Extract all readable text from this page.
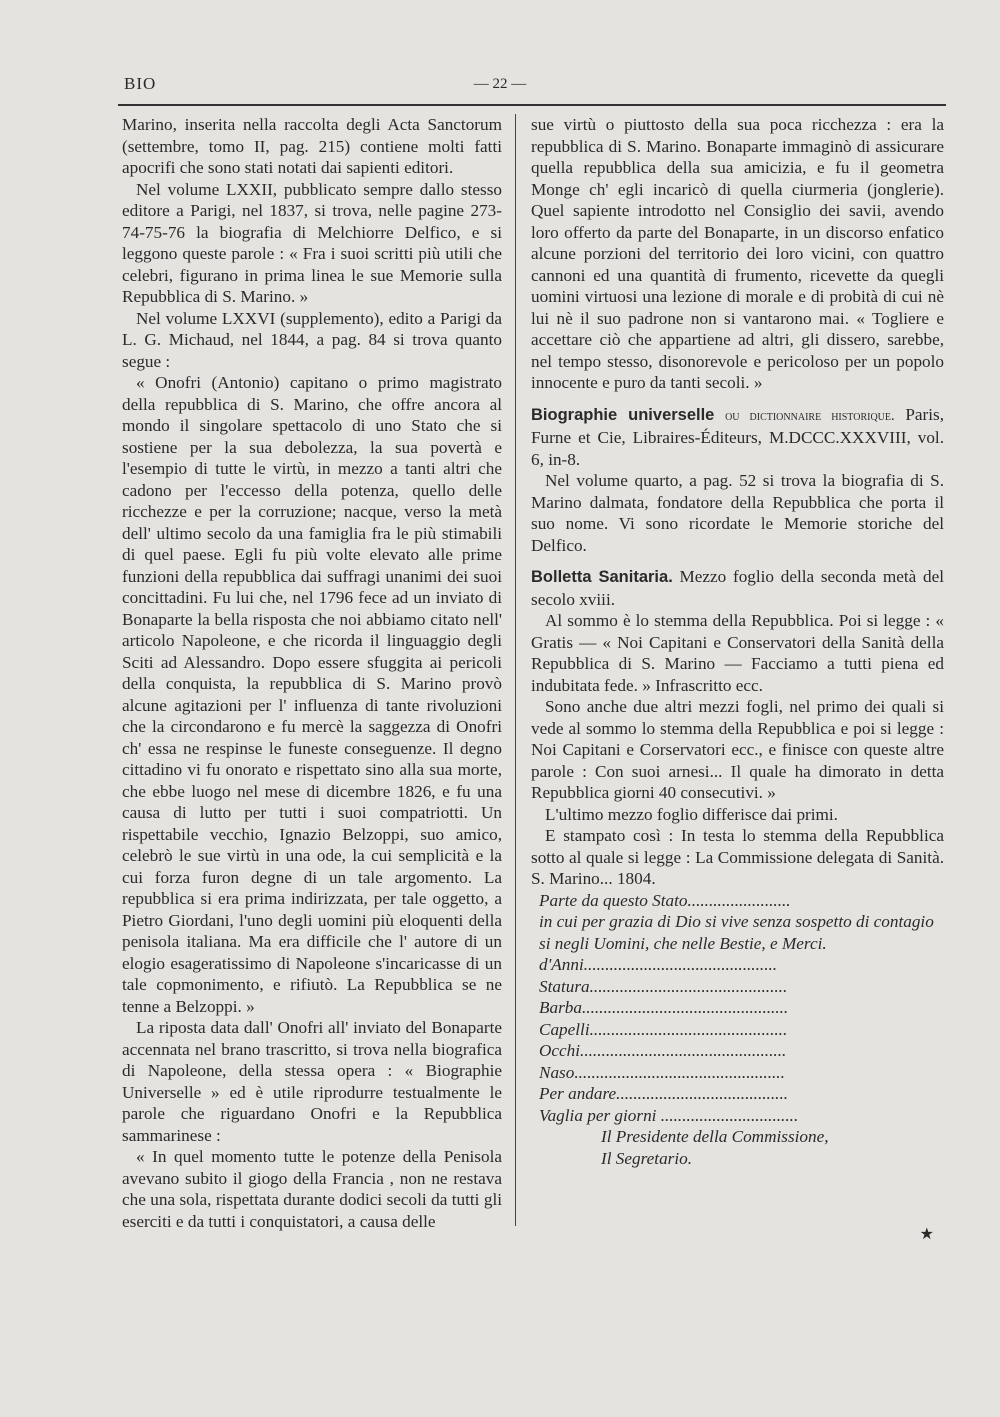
BIO	— 22 —

Marino, inserita nella raccolta degli Acta Sanctorum (settembre, tomo II, pag. 215) contiene molti fatti apocrifi che sono stati notati dai sapienti editori.

Nel volume LXXII, pubblicato sempre dallo stesso editore a Parigi, nel 1837, si trova, nelle pagine 273-74-75-76 la biografia di Melchiorre Delfico, e si leggono queste parole : « Fra i suoi scritti più utili che celebri, figurano in prima linea le sue Memorie sulla Repubblica di S. Marino. »

Nel volume LXXVI (supplemento), edito a Parigi da L. G. Michaud, nel 1844, a pag. 84 si trova quanto segue :

« Onofri (Antonio) capitano o primo magistrato della repubblica di S. Marino, che offre ancora al mondo il singolare spettacolo di uno Stato che si sostiene per la sua debolezza, la sua povertà e l'esempio di tutte le virtù, in mezzo a tanti altri che cadono per l'eccesso della potenza, quello delle ricchezze e per la corruzione; nacque, verso la metà dell' ultimo secolo da una famiglia fra le più stimabili di quel paese. Egli fu più volte elevato alle prime funzioni della repubblica dai suffragi unanimi dei suoi concittadini. Fu lui che, nel 1796 fece ad un inviato di Bonaparte la bella risposta che noi abbiamo citato nell' articolo Napoleone, e che ricorda il linguaggio degli Sciti ad Alessandro. Dopo essere sfuggita ai pericoli della conquista, la repubblica di S. Marino provò alcune agitazioni per l' influenza di tante rivoluzioni che la circondarono e fu mercè la saggezza di Onofri ch' essa ne respinse le funeste conseguenze. Il degno cittadino vi fu onorato e rispettato sino alla sua morte, che ebbe luogo nel mese di dicembre 1826, e fu una causa di lutto per tutti i suoi compatriotti. Un rispettabile vecchio, Ignazio Belzoppi, suo amico, celebrò le sue virtù in una ode, la cui semplicità e la cui forza furon degne di un tale argomento. La repubblica si era prima indirizzata, per tale oggetto, a Pietro Giordani, l'uno degli uomini più eloquenti della penisola italiana. Ma era difficile che l' autore di un elogio esageratissimo di Napoleone s'incaricasse di un tale copmonimento, e rifiutò. La Repubblica se ne tenne a Belzoppi. »

La riposta data dall' Onofri all' inviato del Bonaparte accennata nel brano trascritto, si trova nella biografica di Napoleone, della stessa opera : « Biographie Universelle » ed è utile riprodurre testualmente le parole che riguardano Onofri e la Repubblica sammarinese :

« In quel momento tutte le potenze della Penisola avevano subito il giogo della Francia , non ne restava che una sola, rispettata durante dodici secoli da tutti gli eserciti e da tutti i conquistatori, a causa delle

sue virtù o piuttosto della sua poca ricchezza : era la repubblica di S. Marino. Bonaparte immaginò di assicurare quella repubblica della sua amicizia, e fu il geometra Monge ch' egli incaricò di quella ciurmeria (jonglerie). Quel sapiente introdotto nel Consiglio dei savii, avendo loro offerto da parte del Bonaparte, in un discorso enfatico alcune porzioni del territorio dei loro vicini, con quattro cannoni ed una quantità di frumento, ricevette da quegli uomini virtuosi una lezione di morale e di probità di cui nè lui nè il suo padrone non si vantarono mai. « Togliere e accettare ciò che appartiene ad altri, gli dissero, sarebbe, nel tempo stesso, disonorevole e pericoloso per un popolo innocente e puro da tanti secoli. »

Biographie universelle ou dictionnaire historique. Paris, Furne et Cie, Libraires-Éditeurs, M.DCCC.XXXVIII, vol. 6, in-8.

Nel volume quarto, a pag. 52 si trova la biografia di S. Marino dalmata, fondatore della Repubblica che porta il suo nome. Vi sono ricordate le Memorie storiche del Delfico.

Bolletta Sanitaria. Mezzo foglio della seconda metà del secolo xviii.

Al sommo è lo stemma della Repubblica. Poi si legge : « Gratis — « Noi Capitani e Conservatori della Sanità della Repubblica di S. Marino — Facciamo a tutti piena ed indubitata fede. » Infrascritto ecc.

Sono anche due altri mezzi fogli, nel primo dei quali si vede al sommo lo stemma della Repubblica e poi si legge : Noi Capitani e Corservatori ecc., e finisce con queste altre parole : Con suoi arnesi... Il quale ha dimorato in detta Repubblica giorni 40 consecutivi. »

L'ultimo mezzo foglio differisce dai primi.

E stampato così : In testa lo stemma della Repubblica sotto al quale si legge : La Commissione delegata di Sanità. S. Marino... 1804.

Parte da questo Stato........................
in cui per grazia di Dio si vive senza sospetto di contagio si negli Uomini, che nelle Bestie, e Merci.
d'Anni.............................................
Statura..............................................
Barba................................................
Capelli..............................................
Occhi................................................
Naso.................................................
Per andare........................................
Vaglia per giorni ................................

Il Presidente della Commissione,

Il Segretario.

★
